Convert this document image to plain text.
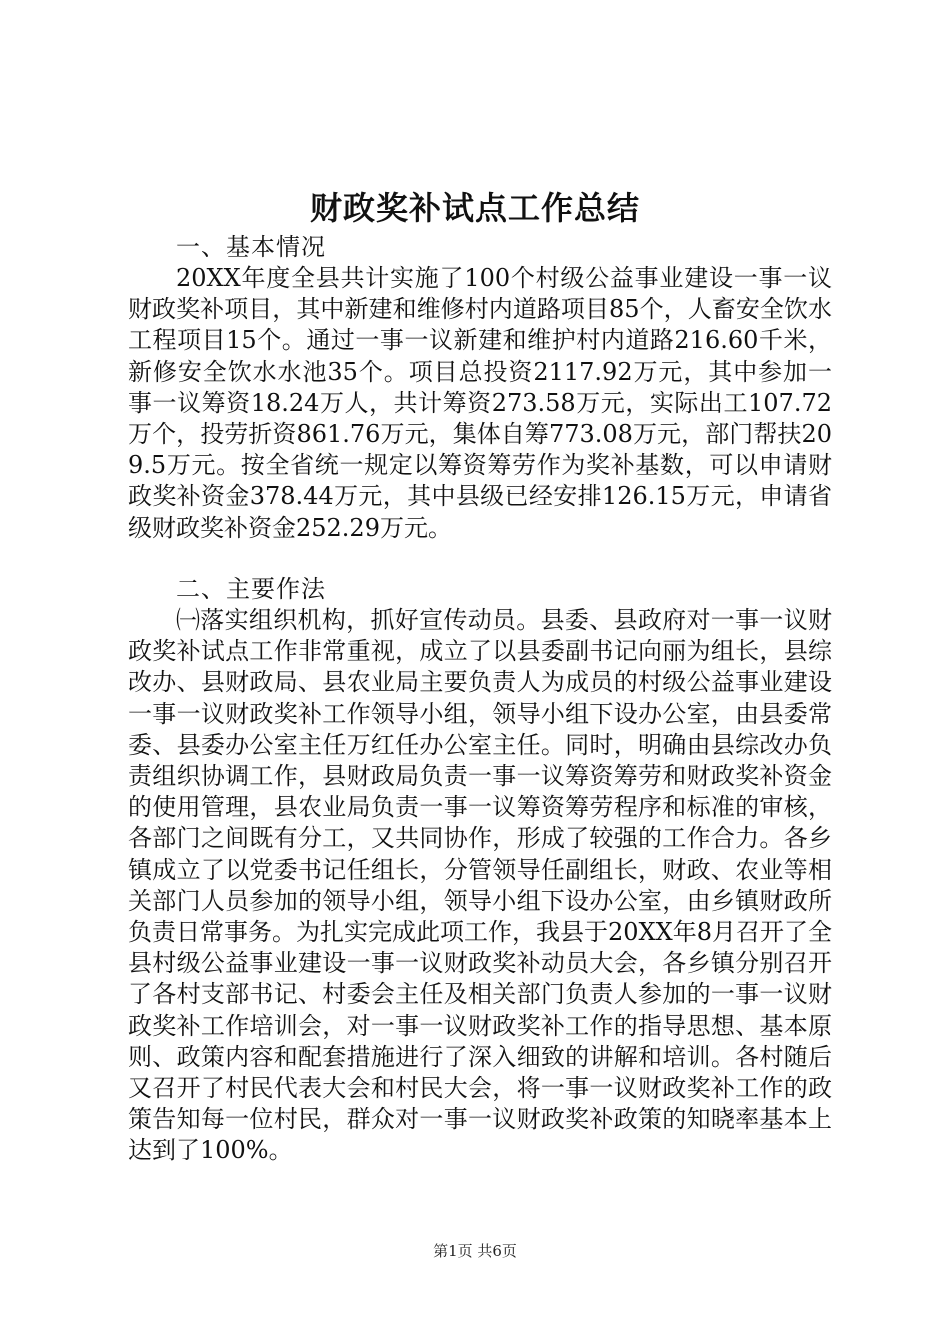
财政奖补试点工作总结

一、基本情况

20XX年度全县共计实施了100个村级公益事业建设一事一议财政奖补项目，其中新建和维修村内道路项目85个，人畜安全饮水工程项目15个。通过一事一议新建和维护村内道路216.60千米，新修安全饮水水池35个。项目总投资2117.92万元，其中参加一事一议筹资18.24万人，共计筹资273.58万元，实际出工107.72万个，投劳折资861.76万元，集体自筹773.08万元，部门帮扶209.5万元。按全省统一规定以筹资筹劳作为奖补基数，可以申请财政奖补资金378.44万元，其中县级已经安排126.15万元，申请省级财政奖补资金252.29万元。

二、主要作法

㈠落实组织机构，抓好宣传动员。县委、县政府对一事一议财政奖补试点工作非常重视，成立了以县委副书记向丽为组长，县综改办、县财政局、县农业局主要负责人为成员的村级公益事业建设一事一议财政奖补工作领导小组，领导小组下设办公室，由县委常委、县委办公室主任万红任办公室主任。同时，明确由县综改办负责组织协调工作，县财政局负责一事一议筹资筹劳和财政奖补资金的使用管理，县农业局负责一事一议筹资筹劳程序和标准的审核，各部门之间既有分工，又共同协作，形成了较强的工作合力。各乡镇成立了以党委书记任组长，分管领导任副组长，财政、农业等相关部门人员参加的领导小组，领导小组下设办公室，由乡镇财政所负责日常事务。为扎实完成此项工作，我县于20XX年8月召开了全县村级公益事业建设一事一议财政奖补动员大会，各乡镇分别召开了各村支部书记、村委会主任及相关部门负责人参加的一事一议财政奖补工作培训会，对一事一议财政奖补工作的指导思想、基本原则、政策内容和配套措施进行了深入细致的讲解和培训。各村随后又召开了村民代表大会和村民大会，将一事一议财政奖补工作的政策告知每一位村民，群众对一事一议财政奖补政策的知晓率基本上达到了100%。

第1页 共6页
